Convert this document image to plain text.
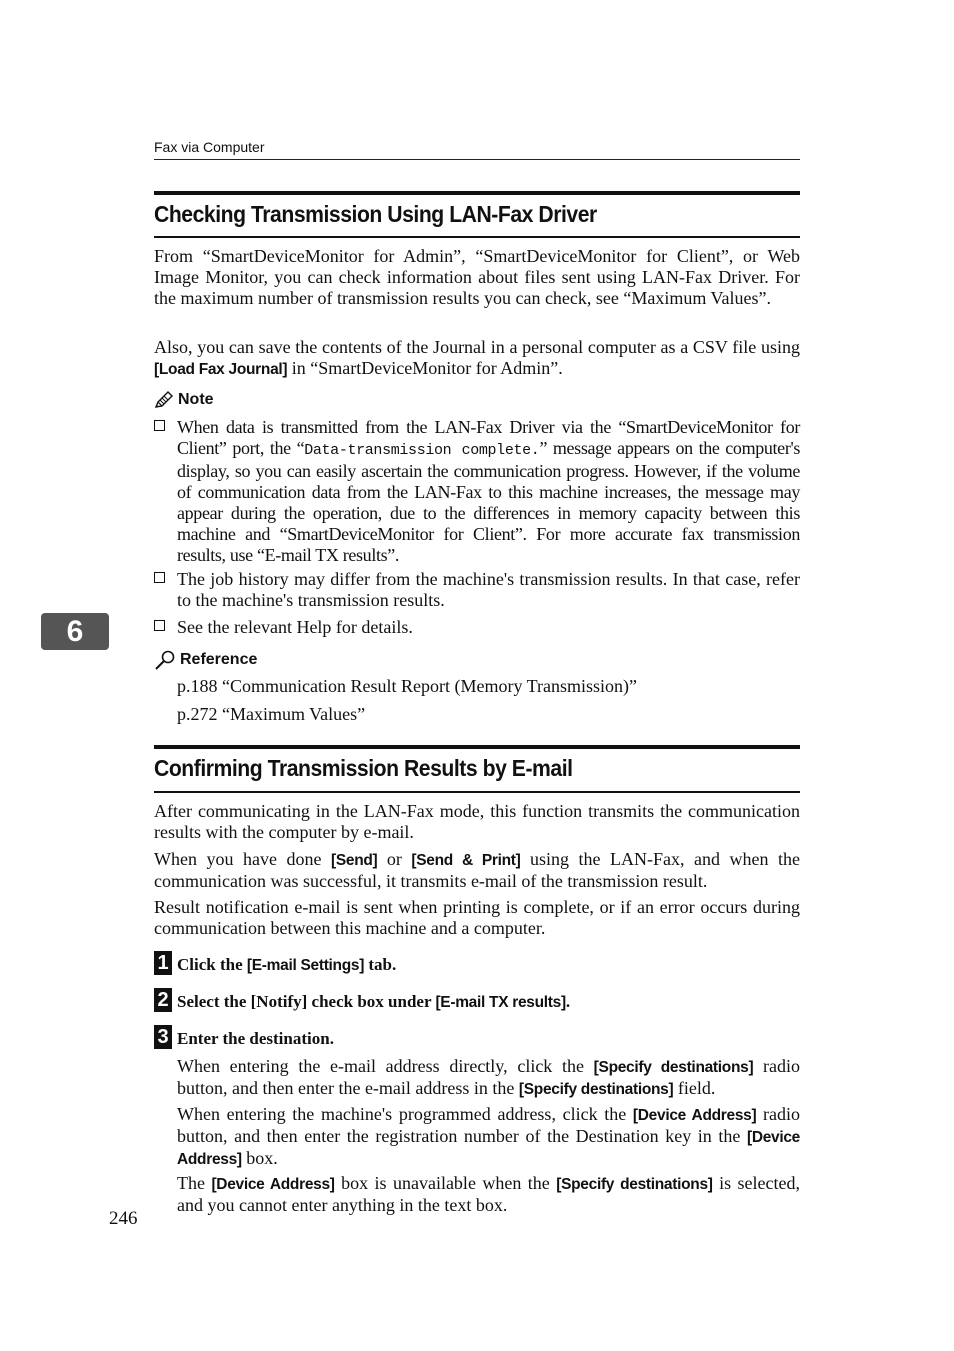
Fax via Computer
Checking Transmission Using LAN-Fax Driver
From “SmartDeviceMonitor for Admin”, “SmartDeviceMonitor for Client”, or Web Image Monitor, you can check information about files sent using LAN-Fax Driver. For the maximum number of transmission results you can check, see “Maximum Values”.
Also, you can save the contents of the Journal in a personal computer as a CSV file using [Load Fax Journal] in “SmartDeviceMonitor for Admin”.
Note
When data is transmitted from the LAN-Fax Driver via the “SmartDeviceMonitor for Client” port, the “Data-transmission complete.” message appears on the computer's display, so you can easily ascertain the communication progress. However, if the volume of communication data from the LAN-Fax to this machine increases, the message may appear during the operation, due to the differences in memory capacity between this machine and “SmartDeviceMonitor for Client”. For more accurate fax transmission results, use “E-mail TX results”.
The job history may differ from the machine's transmission results. In that case, refer to the machine's transmission results.
See the relevant Help for details.
Reference
p.188 “Communication Result Report (Memory Transmission)”
p.272 “Maximum Values”
6
Confirming Transmission Results by E-mail
After communicating in the LAN-Fax mode, this function transmits the communication results with the computer by e-mail.
When you have done [Send] or [Send & Print] using the LAN-Fax, and when the communication was successful, it transmits e-mail of the transmission result.
Result notification e-mail is sent when printing is complete, or if an error occurs during communication between this machine and a computer.
1 Click the [E-mail Settings] tab.
2 Select the [Notify] check box under [E-mail TX results].
3 Enter the destination.
When entering the e-mail address directly, click the [Specify destinations] radio button, and then enter the e-mail address in the [Specify destinations] field.
When entering the machine's programmed address, click the [Device Address] radio button, and then enter the registration number of the Destination key in the [Device Address] box.
The [Device Address] box is unavailable when the [Specify destinations] is selected, and you cannot enter anything in the text box.
246
